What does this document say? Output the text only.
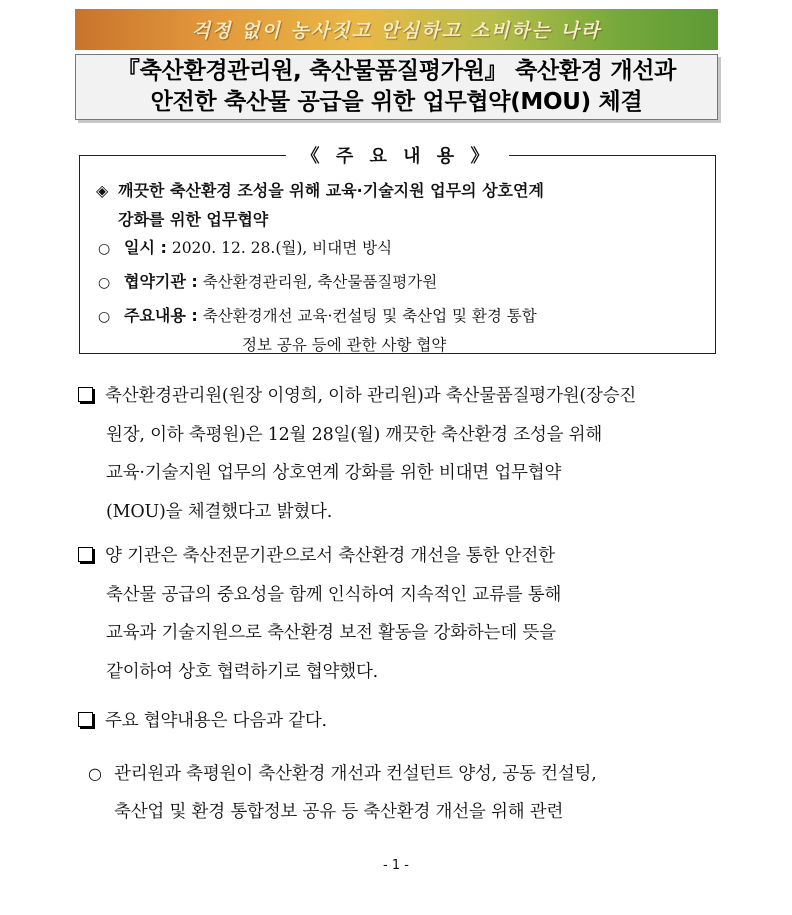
걱정 없이 농사짓고 안심하고 소비하는 나라
『축산환경관리원, 축산물품질평가원』 축산환경 개선과
안전한 축산물 공급을 위한 업무협약(MOU) 체결
《 주 요 내 용 》
◈ 깨끗한 축산환경 조성을 위해 교육·기술지원 업무의 상호연계
강화를 위한 업무협약
○ 일시 : 2020. 12. 28.(월), 비대면 방식
○ 협약기관 : 축산환경관리원, 축산물품질평가원
○ 주요내용 : 축산환경개선 교육·컨설팅 및 축산업 및 환경 통합
정보 공유 등에 관한 사항 협약
축산환경관리원(원장 이영희, 이하 관리원)과 축산물품질평가원(장승진
원장, 이하 축평원)은 12월 28일(월) 깨끗한 축산환경 조성을 위해
교육·기술지원 업무의 상호연계 강화를 위한 비대면 업무협약
(MOU)을 체결했다고 밝혔다.
양 기관은 축산전문기관으로서 축산환경 개선을 통한 안전한
축산물 공급의 중요성을 함께 인식하여 지속적인 교류를 통해
교육과 기술지원으로 축산환경 보전 활동을 강화하는데 뜻을
같이하여 상호 협력하기로 협약했다.
주요 협약내용은 다음과 같다.
○ 관리원과 축평원이 축산환경 개선과 컨설턴트 양성, 공동 컨설팅,
축산업 및 환경 통합정보 공유 등 축산환경 개선을 위해 관련
- 1 -
